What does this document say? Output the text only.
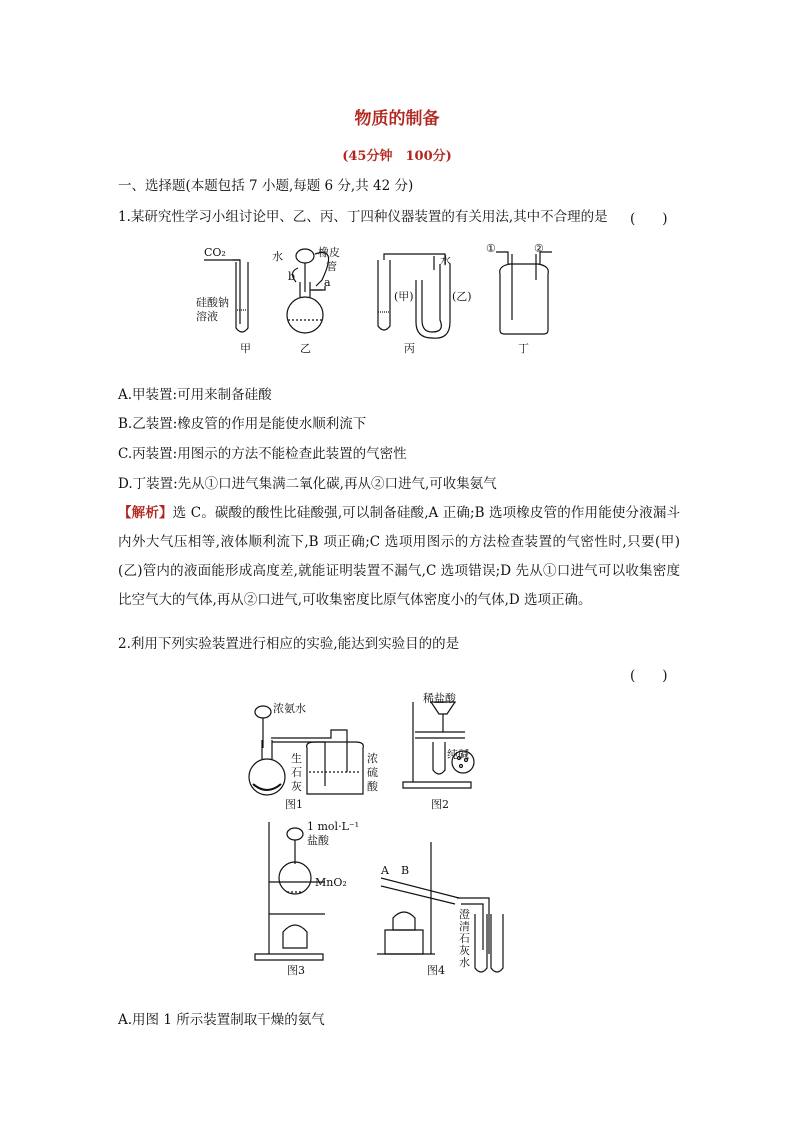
物质的制备
(45分钟　100分)
一、选择题(本题包括 7 小题,每题 6 分,共 42 分)
1.某研究性学习小组讨论甲、乙、丙、丁四种仪器装置的有关用法,其中不合理的是 (　　)
CO₂
硅酸钠
溶液
水	橡皮
管
b	a
水
(甲)	(乙)
①	②
甲	乙	丙	丁
A.甲装置:可用来制备硅酸
B.乙装置:橡皮管的作用是能使水顺利流下
C.丙装置:用图示的方法不能检查此装置的气密性
D.丁装置:先从①口进气集满二氧化碳,再从②口进气,可收集氨气
【解析】选 C。碳酸的酸性比硅酸强,可以制备硅酸,A 正确;B 选项橡皮管的作用能使分液漏斗内外大气压相等,液体顺利流下,B 项正确;C 选项用图示的方法检查装置的气密性时,只要(甲)(乙)管内的液面能形成高度差,就能证明装置不漏气,C 选项错误;D 先从①口进气可以收集密度比空气大的气体,再从②口进气,可收集密度比原气体密度小的气体,D 选项正确。
2.利用下列实验装置进行相应的实验,能达到实验目的的是
(　　)
浓氨水
生
石
灰
浓
硫
酸
稀盐酸
纯碱
1 mol·L⁻¹
盐酸
MnO₂
A B
澄
清
石
灰
水
图1	图2
图3	图4
A.用图 1 所示装置制取干燥的氨气
